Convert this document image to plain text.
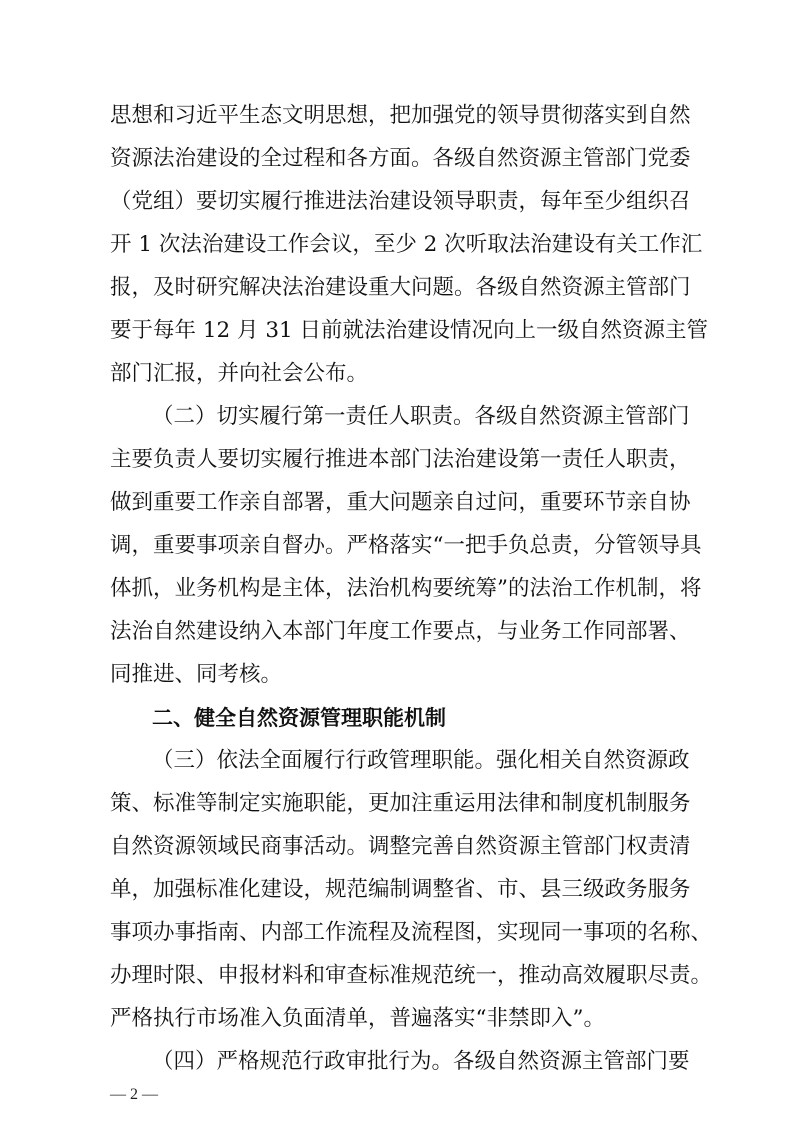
思想和习近平生态文明思想，把加强党的领导贯彻落实到自然
资源法治建设的全过程和各方面。各级自然资源主管部门党委
（党组）要切实履行推进法治建设领导职责，每年至少组织召
开 1 次法治建设工作会议，至少 2 次听取法治建设有关工作汇
报，及时研究解决法治建设重大问题。各级自然资源主管部门
要于每年 12 月 31 日前就法治建设情况向上一级自然资源主管
部门汇报，并向社会公布。
（二）切实履行第一责任人职责。各级自然资源主管部门
主要负责人要切实履行推进本部门法治建设第一责任人职责，
做到重要工作亲自部署，重大问题亲自过问，重要环节亲自协
调，重要事项亲自督办。严格落实“一把手负总责，分管领导具
体抓，业务机构是主体，法治机构要统筹”的法治工作机制，将
法治自然建设纳入本部门年度工作要点，与业务工作同部署、
同推进、同考核。
二、健全自然资源管理职能机制
（三）依法全面履行行政管理职能。强化相关自然资源政
策、标准等制定实施职能，更加注重运用法律和制度机制服务
自然资源领域民商事活动。调整完善自然资源主管部门权责清
单，加强标准化建设，规范编制调整省、市、县三级政务服务
事项办事指南、内部工作流程及流程图，实现同一事项的名称、
办理时限、申报材料和审查标准规范统一，推动高效履职尽责。
严格执行市场准入负面清单，普遍落实“非禁即入”。
（四）严格规范行政审批行为。各级自然资源主管部门要
— 2 —
